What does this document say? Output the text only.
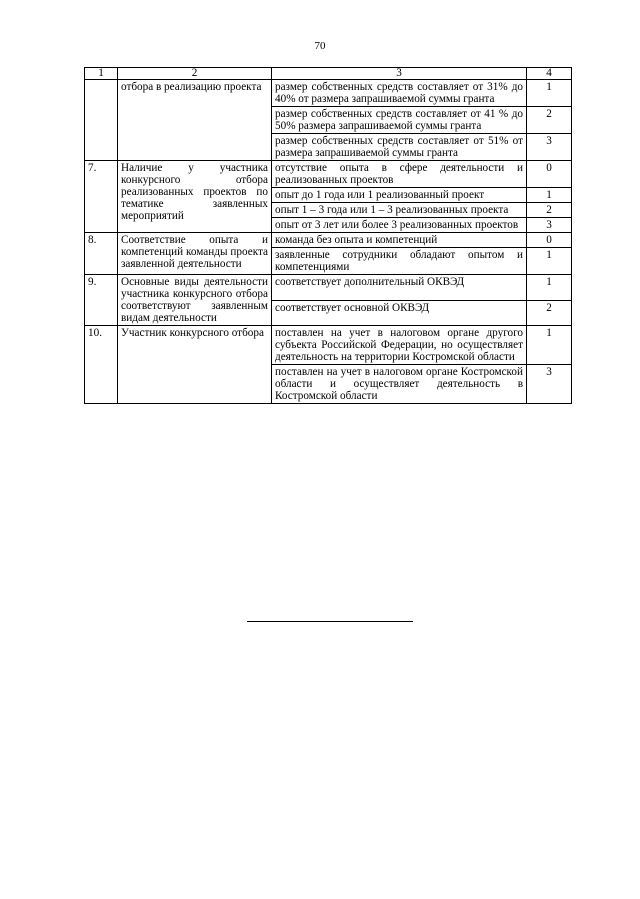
70
1	2	3	4
	отбора в реализацию проекта	размер собственных средств составляет от 31% до 40% от размера запрашиваемой суммы гранта	1
		размер собственных средств составляет от 41 % до 50% размера запрашиваемой суммы гранта	2
		размер собственных средств составляет от 51% от размера запрашиваемой суммы гранта	3
7.	Наличие у участника конкурсного отбора реализованных проектов по тематике заявленных мероприятий	отсутствие опыта в сфере деятельности и реализованных проектов	0
		опыт до 1 года или 1 реализованный проект	1
		опыт 1 – 3 года или 1 – 3 реализованных проекта	2
		опыт от 3 лет или более 3 реализованных проектов	3
8.	Соответствие опыта и компетенций команды проекта заявленной деятельности	команда без опыта и компетенций	0
		заявленные сотрудники обладают опытом и компетенциями	1
9.	Основные виды деятельности участника конкурсного отбора соответствуют заявленным видам деятельности	соответствует дополнительный ОКВЭД	1
		соответствует основной ОКВЭД	2
10.	Участник конкурсного отбора	поставлен на учет в налоговом органе другого субъекта Российской Федерации, но осуществляет деятельность на территории Костромской области	1
		поставлен на учет в налоговом органе Костромской области и осуществляет деятельность в Костромской области	3
